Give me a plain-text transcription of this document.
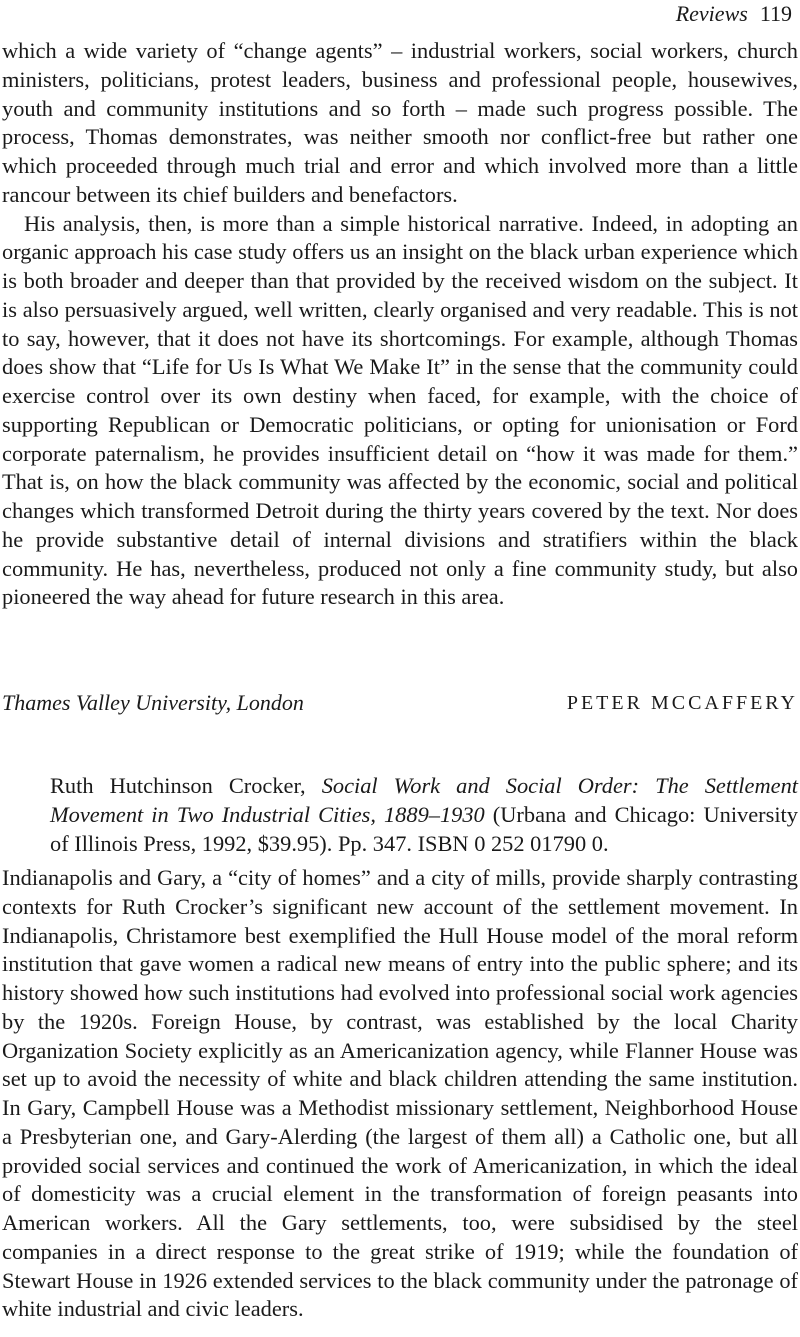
Reviews 119

which a wide variety of “change agents” – industrial workers, social workers, church ministers, politicians, protest leaders, business and professional people, housewives, youth and community institutions and so forth – made such progress possible. The process, Thomas demonstrates, was neither smooth nor conflict-free but rather one which proceeded through much trial and error and which involved more than a little rancour between its chief builders and benefactors.

His analysis, then, is more than a simple historical narrative. Indeed, in adopting an organic approach his case study offers us an insight on the black urban experience which is both broader and deeper than that provided by the received wisdom on the subject. It is also persuasively argued, well written, clearly organised and very readable. This is not to say, however, that it does not have its shortcomings. For example, although Thomas does show that “Life for Us Is What We Make It” in the sense that the community could exercise control over its own destiny when faced, for example, with the choice of supporting Republican or Democratic politicians, or opting for unionisation or Ford corporate paternalism, he provides insufficient detail on “how it was made for them.” That is, on how the black community was affected by the economic, social and political changes which transformed Detroit during the thirty years covered by the text. Nor does he provide substantive detail of internal divisions and stratifiers within the black community. He has, nevertheless, produced not only a fine community study, but also pioneered the way ahead for future research in this area.

Thames Valley University, London	PETER MCCAFFERY
Ruth Hutchinson Crocker, Social Work and Social Order: The Settlement Movement in Two Industrial Cities, 1889–1930 (Urbana and Chicago: University of Illinois Press, 1992, $39.95). Pp. 347. ISBN 0 252 01790 0.

Indianapolis and Gary, a “city of homes” and a city of mills, provide sharply contrasting contexts for Ruth Crocker’s significant new account of the settlement movement. In Indianapolis, Christamore best exemplified the Hull House model of the moral reform institution that gave women a radical new means of entry into the public sphere; and its history showed how such institutions had evolved into professional social work agencies by the 1920s. Foreign House, by contrast, was established by the local Charity Organization Society explicitly as an Americanization agency, while Flanner House was set up to avoid the necessity of white and black children attending the same institution. In Gary, Campbell House was a Methodist missionary settlement, Neighborhood House a Presbyterian one, and Gary-Alerding (the largest of them all) a Catholic one, but all provided social services and continued the work of Americanization, in which the ideal of domesticity was a crucial element in the transformation of foreign peasants into American workers. All the Gary settlements, too, were subsidised by the steel companies in a direct response to the great strike of 1919; while the foundation of Stewart House in 1926 extended services to the black community under the patronage of white industrial and civic leaders.
